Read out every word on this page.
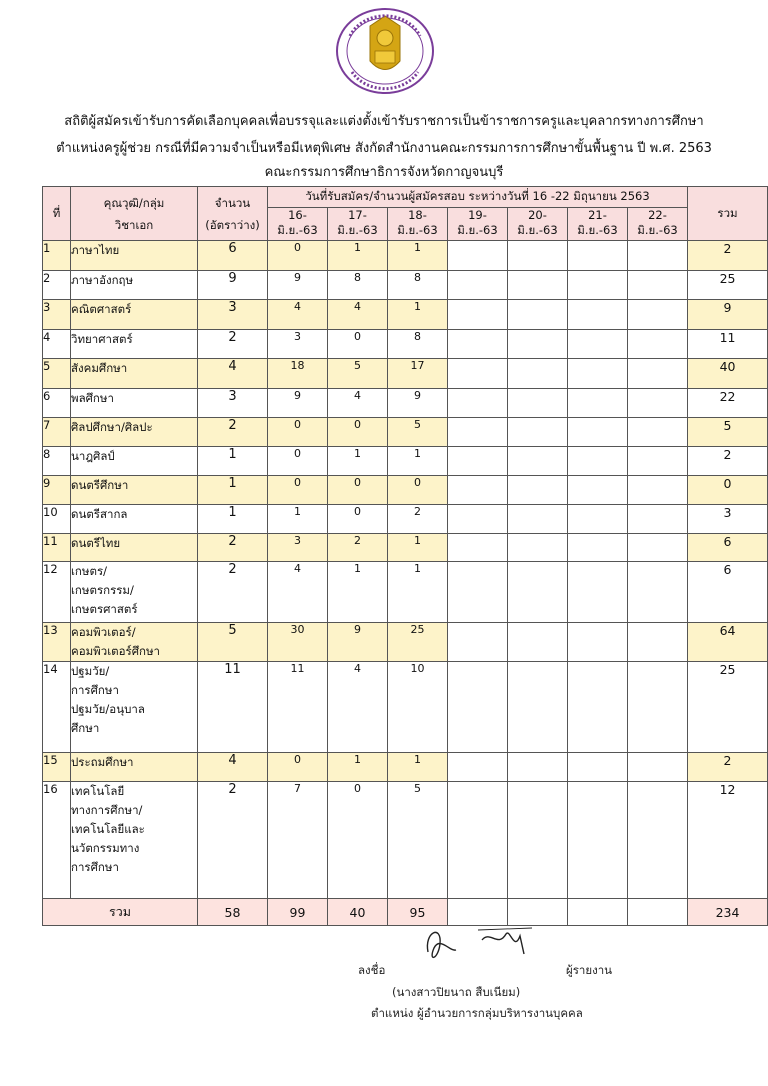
สถิติผู้สมัครเข้ารับการคัดเลือกบุคคลเพื่อบรรจุและแต่งตั้งเข้ารับราชการเป็นข้าราชการครูและบุคลากรทางการศึกษา
ตำแหน่งครูผู้ช่วย กรณีที่มีความจำเป็นหรือมีเหตุพิเศษ สังกัดสำนักงานคณะกรรมการการศึกษาขั้นพื้นฐาน ปี พ.ศ. 2563
คณะกรรมการศึกษาธิการจังหวัดกาญจนบุรี
ที่	
คุณวุฒิ/กลุ่ม
วิชาเอก

จำนวน
(อัตราว่าง)
	วันที่รับสมัคร/จำนวนผู้สมัครสอบ ระหว่างวันที่ 16 -22 มิถุนายน 2563	รวม
			16-มิ.ย.-63	17-มิ.ย.-63	18-มิ.ย.-63	19-มิ.ย.-63	20-มิ.ย.-63	21-มิ.ย.-63	22-มิ.ย.-63	
1	ภาษาไทย	6	0	1	1					2
2	ภาษาอังกฤษ	9	9	8	8					25
3	คณิตศาสตร์	3	4	4	1					9
4	วิทยาศาสตร์	2	3	0	8					11
5	สังคมศึกษา	4	18	5	17					40
6	พลศึกษา	3	9	4	9					22
7	ศิลปศึกษา/ศิลปะ	2	0	0	5					5
8	นาฎศิลป์	1	0	1	1					2
9	ดนตรีศึกษา	1	0	0	0					0
10	ดนตรีสากล	1	1	0	2					3
11	ดนตรีไทย	2	3	2	1					6
12	เกษตร/
เกษตรกรรม/
เกษตรศาสตร์	2	4	1	1					6
13	คอมพิวเตอร์/
คอมพิวเตอร์ศึกษา	5	30	9	25					64
14	ปฐมวัย/
การศึกษา
ปฐมวัย/อนุบาล
ศึกษา	11	11	4	10					25
15	ประถมศึกษา	4	0	1	1					2
16	เทคโนโลยี
ทางการศึกษา/
เทคโนโลยีและ
นวัตกรรมทาง
การศึกษา	2	7	0	5					12
รวม		58	99	40	95					234
ลงชื่อ	ผู้รายงาน
(นางสาวปิยนาถ สืบเนียม)
ตำแหน่ง ผู้อำนวยการกลุ่มบริหารงานบุคคล
